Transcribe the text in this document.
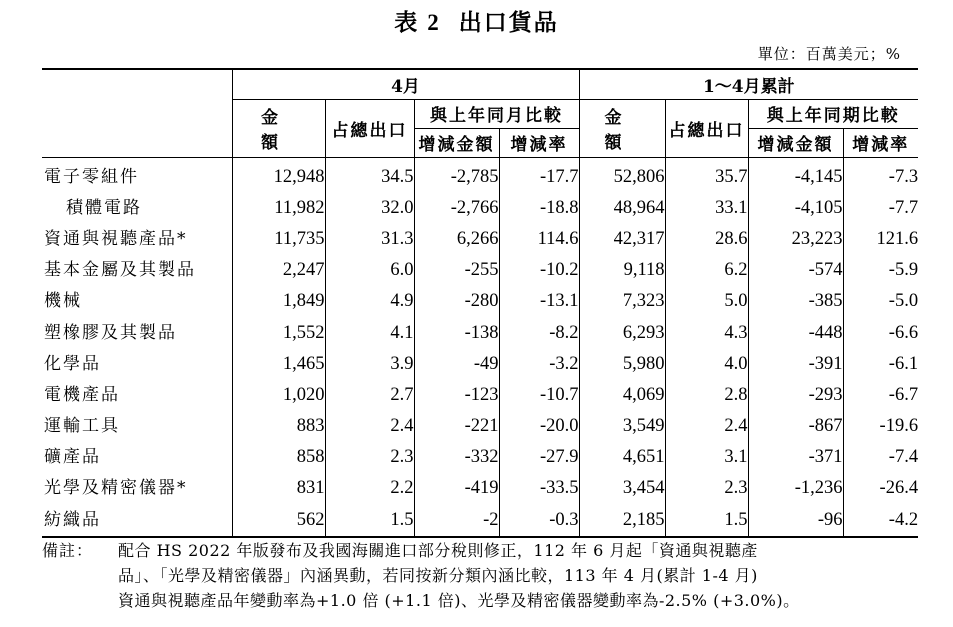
表 2 出口貨品
單位：百萬美元；%
	4月				1～4月累計			
	金　額	占總出口	與上年同月比較		金　額	占總出口	與上年同期比較	
			增減金額	增減率			增減金額	增減率
電子零組件	12,948	34.5	-2,785	-17.7	52,806	35.7	-4,145	-7.3
積體電路	11,982	32.0	-2,766	-18.8	48,964	33.1	-4,105	-7.7
資通與視聽產品*	11,735	31.3	6,266	114.6	42,317	28.6	23,223	121.6
基本金屬及其製品	2,247	6.0	-255	-10.2	9,118	6.2	-574	-5.9
機械	1,849	4.9	-280	-13.1	7,323	5.0	-385	-5.0
塑橡膠及其製品	1,552	4.1	-138	-8.2	6,293	4.3	-448	-6.6
化學品	1,465	3.9	-49	-3.2	5,980	4.0	-391	-6.1
電機產品	1,020	2.7	-123	-10.7	4,069	2.8	-293	-6.7
運輸工具	883	2.4	-221	-20.0	3,549	2.4	-867	-19.6
礦產品	858	2.3	-332	-27.9	4,651	3.1	-371	-7.4
光學及精密儀器*	831	2.2	-419	-33.5	3,454	2.3	-1,236	-26.4
紡織品	562	1.5	-2	-0.3	2,185	1.5	-96	-4.2
備註：	配合 HS 2022 年版發布及我國海關進口部分稅則修正，112 年 6 月起「資通與視聽產
品」、「光學及精密儀器」內涵異動，若同按新分類內涵比較，113 年 4 月(累計 1-4 月)
資通與視聽產品年變動率為+1.0 倍 (+1.1 倍)、光學及精密儀器變動率為-2.5% (+3.0%)。
